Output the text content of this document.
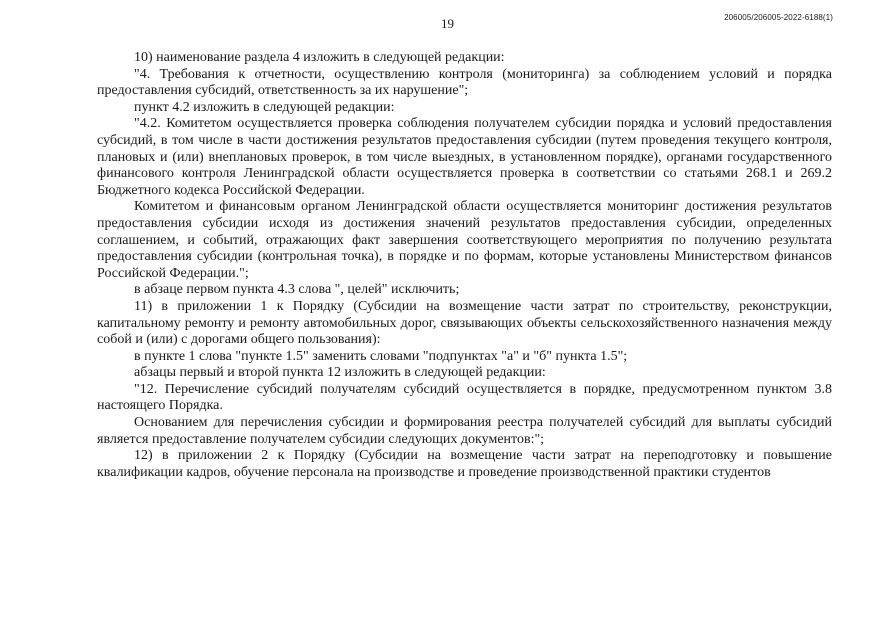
19	206005/206005-2022-6188(1)

10) наименование раздела 4 изложить в следующей редакции:

"4. Требования к отчетности, осуществлению контроля (мониторинга) за соблюдением условий и порядка предоставления субсидий, ответственность за их нарушение";

пункт 4.2 изложить в следующей редакции:

"4.2. Комитетом осуществляется проверка соблюдения получателем субсидии порядка и условий предоставления субсидий, в том числе в части достижения результатов предоставления субсидии (путем проведения текущего контроля, плановых и (или) внеплановых проверок, в том числе выездных, в установленном порядке), органами государственного финансового контроля Ленинградской области осуществляется проверка в соответствии со статьями 268.1 и 269.2 Бюджетного кодекса Российской Федерации.

Комитетом и финансовым органом Ленинградской области осуществляется мониторинг достижения результатов предоставления субсидии исходя из достижения значений результатов предоставления субсидии, определенных соглашением, и событий, отражающих факт завершения соответствующего мероприятия по получению результата предоставления субсидии (контрольная точка), в порядке и по формам, которые установлены Министерством финансов Российской Федерации.";

в абзаце первом пункта 4.3 слова ", целей" исключить;

11) в приложении 1 к Порядку (Субсидии на возмещение части затрат по строительству, реконструкции, капитальному ремонту и ремонту автомобильных дорог, связывающих объекты сельскохозяйственного назначения между собой и (или) с дорогами общего пользования):

в пункте 1 слова "пункте 1.5" заменить словами "подпунктах "а" и "б" пункта 1.5";

абзацы первый и второй пункта 12 изложить в следующей редакции:

"12. Перечисление субсидий получателям субсидий осуществляется в порядке, предусмотренном пунктом 3.8 настоящего Порядка.

Основанием для перечисления субсидии и формирования реестра получателей субсидий для выплаты субсидий является предоставление получателем субсидии следующих документов:";

12) в приложении 2 к Порядку (Субсидии на возмещение части затрат на переподготовку и повышение квалификации кадров, обучение персонала на производстве и проведение производственной практики студентов
